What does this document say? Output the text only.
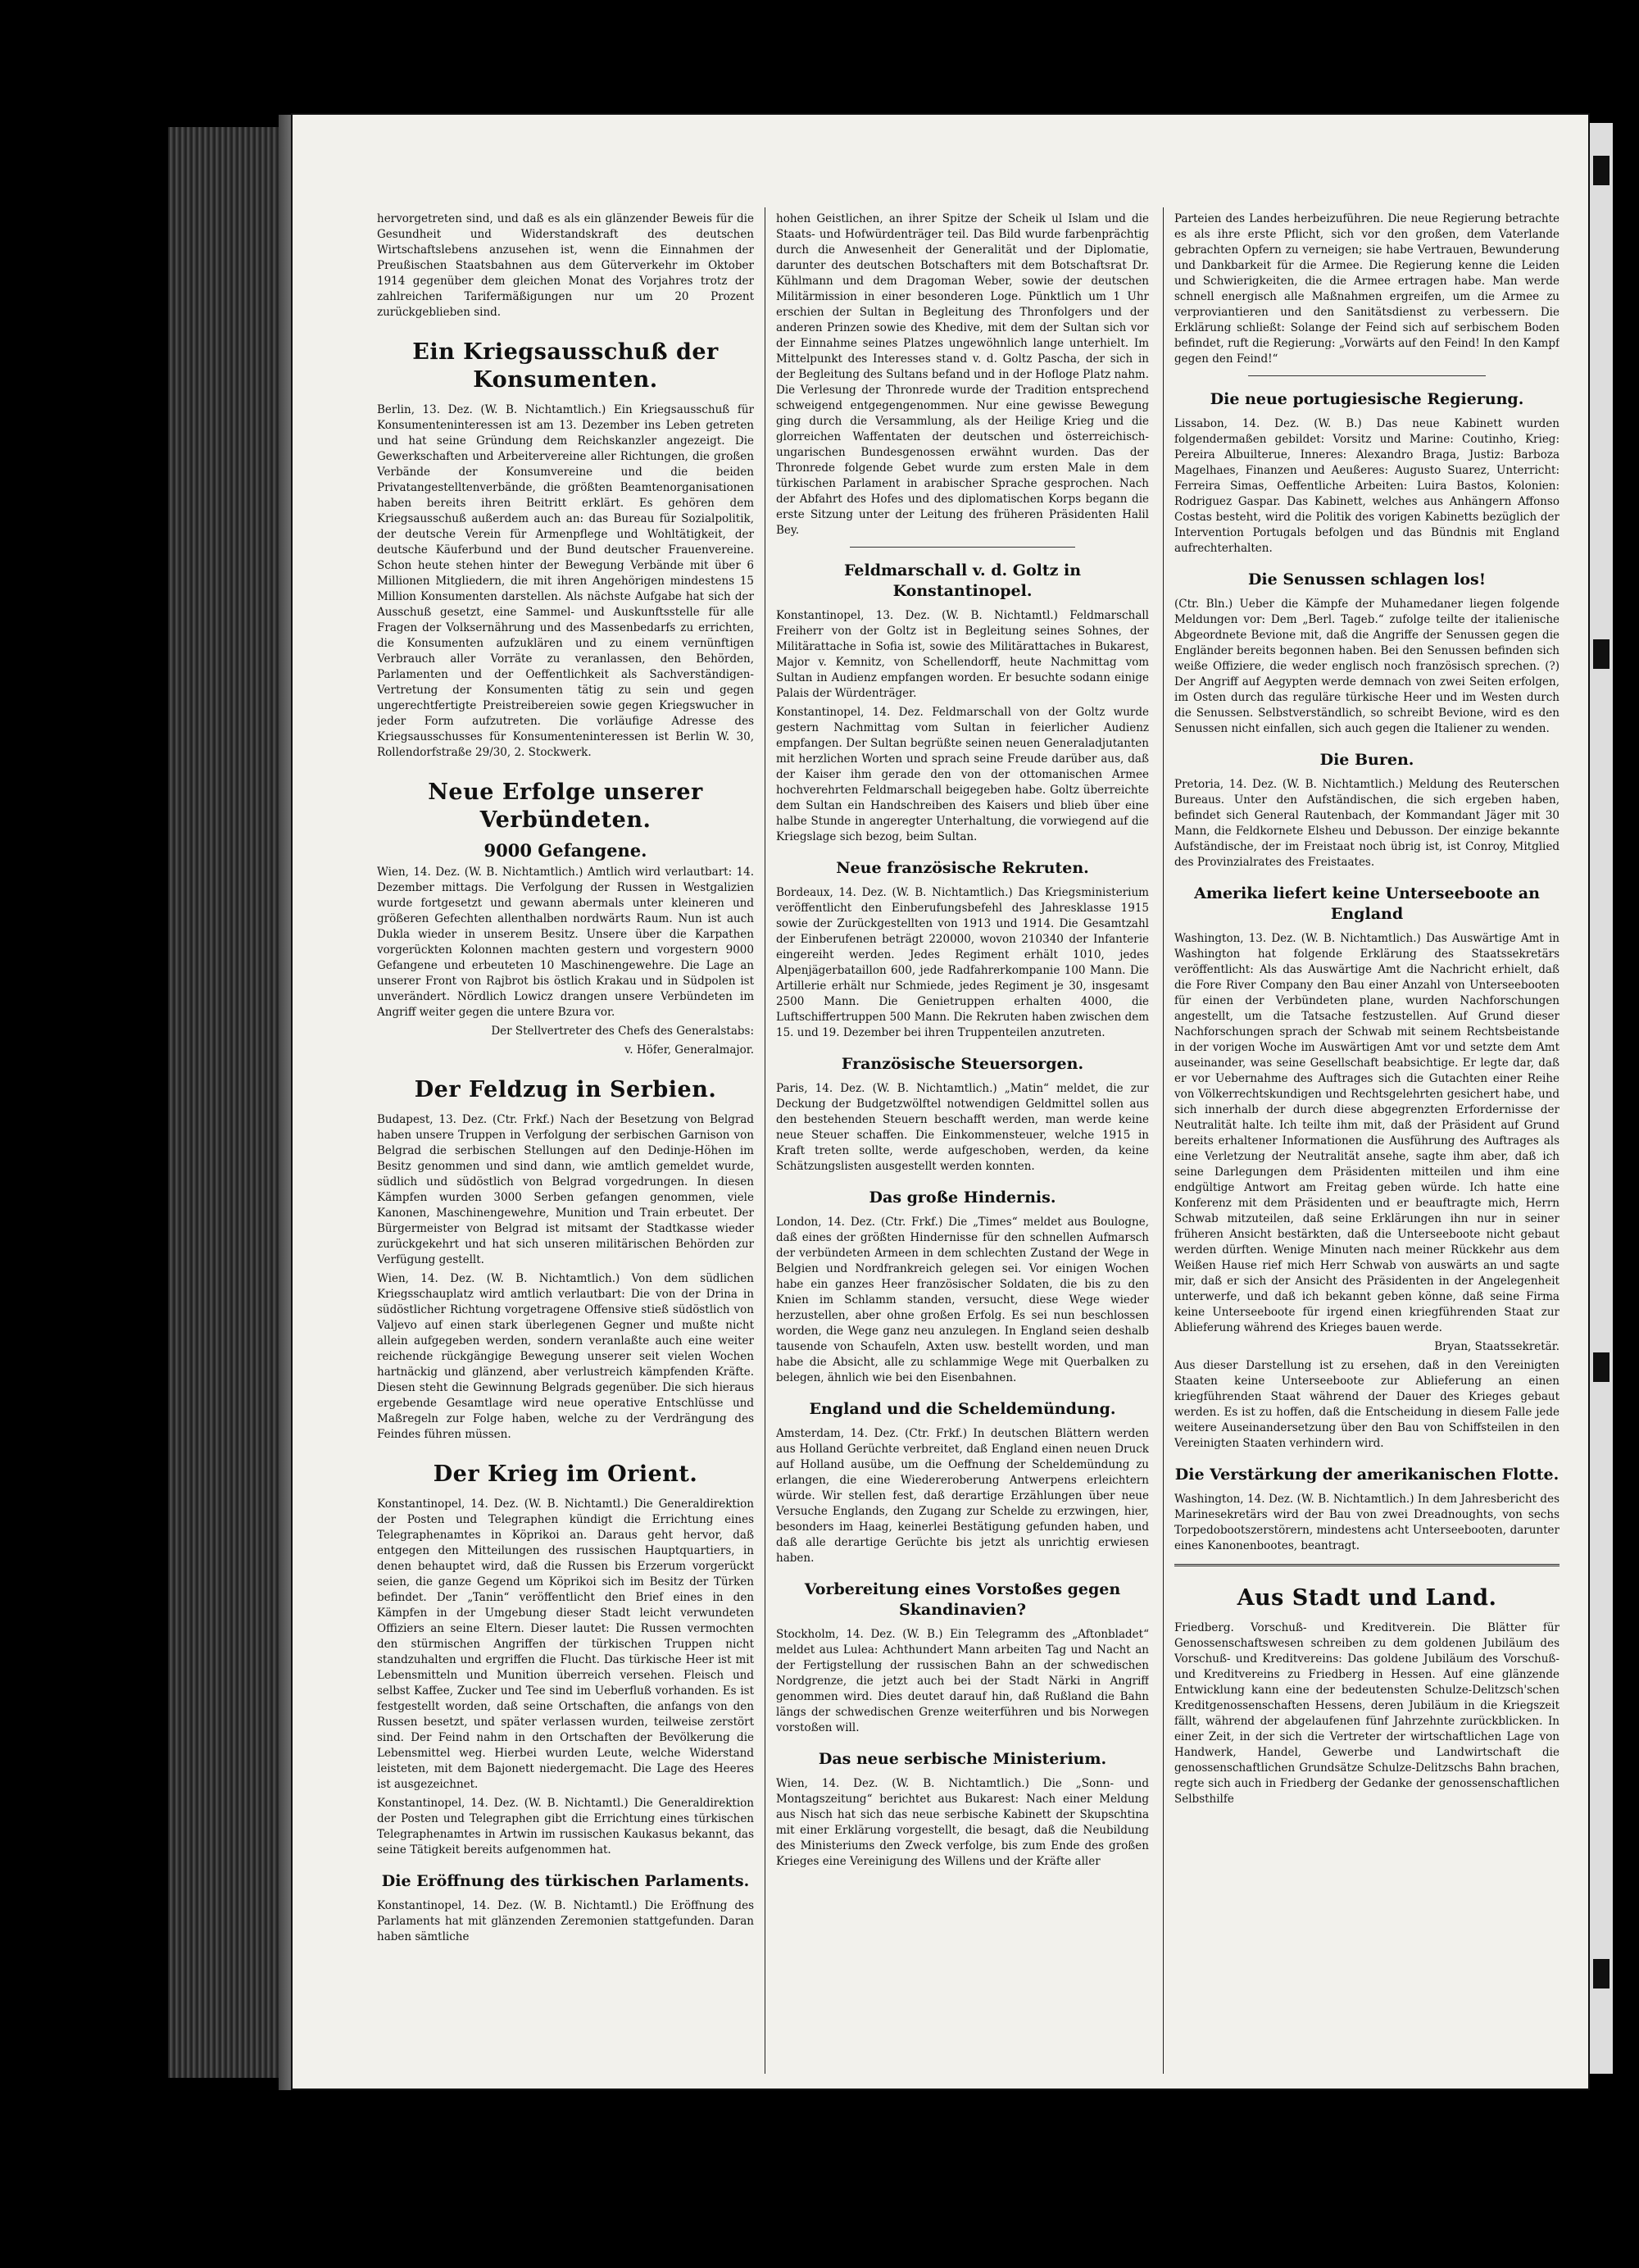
hervorgetreten sind, und daß es als ein glänzender Beweis für die Gesundheit und Widerstandskraft des deutschen Wirtschaftslebens anzusehen ist, wenn die Einnahmen der Preußischen Staatsbahnen aus dem Güterverkehr im Oktober 1914 gegenüber dem gleichen Monat des Vorjahres trotz der zahlreichen Tarifermäßigungen nur um 20 Prozent zurückgeblieben sind.

Ein Kriegsausschuß der Konsumenten.

Berlin, 13. Dez. (W. B. Nichtamtlich.) Ein Kriegsausschuß für Konsumenteninteressen ist am 13. Dezember ins Leben getreten und hat seine Gründung dem Reichskanzler angezeigt. Die Gewerkschaften und Arbeitervereine aller Richtungen, die großen Verbände der Konsumvereine und die beiden Privatangestelltenverbände, die größten Beamtenorganisationen haben bereits ihren Beitritt erklärt. Es gehören dem Kriegsausschuß außerdem auch an: das Bureau für Sozialpolitik, der deutsche Verein für Armenpflege und Wohltätigkeit, der deutsche Käuferbund und der Bund deutscher Frauenvereine. Schon heute stehen hinter der Bewegung Verbände mit über 6 Millionen Mitgliedern, die mit ihren Angehörigen mindestens 15 Million Konsumenten darstellen. Als nächste Aufgabe hat sich der Ausschuß gesetzt, eine Sammel- und Auskunftsstelle für alle Fragen der Volksernährung und des Massenbedarfs zu errichten, die Konsumenten aufzuklären und zu einem vernünftigen Verbrauch aller Vorräte zu veranlassen, den Behörden, Parlamenten und der Oeffentlichkeit als Sachverständigen-Vertretung der Konsumenten tätig zu sein und gegen ungerechtfertigte Preistreibereien sowie gegen Kriegswucher in jeder Form aufzutreten. Die vorläufige Adresse des Kriegsausschusses für Konsumenteninteressen ist Berlin W. 30, Rollendorfstraße 29/30, 2. Stockwerk.

Neue Erfolge unserer Verbündeten.
9000 Gefangene.

Wien, 14. Dez. (W. B. Nichtamtlich.) Amtlich wird verlautbart: 14. Dezember mittags. Die Verfolgung der Russen in Westgalizien wurde fortgesetzt und gewann abermals unter kleineren und größeren Gefechten allenthalben nordwärts Raum. Nun ist auch Dukla wieder in unserem Besitz. Unsere über die Karpathen vorgerückten Kolonnen machten gestern und vorgestern 9000 Gefangene und erbeuteten 10 Maschinengewehre. Die Lage an unserer Front von Rajbrot bis östlich Krakau und in Südpolen ist unverändert. Nördlich Lowicz drangen unsere Verbündeten im Angriff weiter gegen die untere Bzura vor.

Der Stellvertreter des Chefs des Generalstabs:

v. Höfer, Generalmajor.

Der Feldzug in Serbien.

Budapest, 13. Dez. (Ctr. Frkf.) Nach der Besetzung von Belgrad haben unsere Truppen in Verfolgung der serbischen Garnison von Belgrad die serbischen Stellungen auf den Dedinje-Höhen im Besitz genommen und sind dann, wie amtlich gemeldet wurde, südlich und südöstlich von Belgrad vorgedrungen. In diesen Kämpfen wurden 3000 Serben gefangen genommen, viele Kanonen, Maschinengewehre, Munition und Train erbeutet. Der Bürgermeister von Belgrad ist mitsamt der Stadtkasse wieder zurückgekehrt und hat sich unseren militärischen Behörden zur Verfügung gestellt.

Wien, 14. Dez. (W. B. Nichtamtlich.) Von dem südlichen Kriegsschauplatz wird amtlich verlautbart: Die von der Drina in südöstlicher Richtung vorgetragene Offensive stieß südöstlich von Valjevo auf einen stark überlegenen Gegner und mußte nicht allein aufgegeben werden, sondern veranlaßte auch eine weiter reichende rückgängige Bewegung unserer seit vielen Wochen hartnäckig und glänzend, aber verlustreich kämpfenden Kräfte. Diesen steht die Gewinnung Belgrads gegenüber. Die sich hieraus ergebende Gesamtlage wird neue operative Entschlüsse und Maßregeln zur Folge haben, welche zu der Verdrängung des Feindes führen müssen.

Der Krieg im Orient.

Konstantinopel, 14. Dez. (W. B. Nichtamtl.) Die Generaldirektion der Posten und Telegraphen kündigt die Errichtung eines Telegraphenamtes in Köprikoi an. Daraus geht hervor, daß entgegen den Mitteilungen des russischen Hauptquartiers, in denen behauptet wird, daß die Russen bis Erzerum vorgerückt seien, die ganze Gegend um Köprikoi sich im Besitz der Türken befindet. Der „Tanin“ veröffentlicht den Brief eines in den Kämpfen in der Umgebung dieser Stadt leicht verwundeten Offiziers an seine Eltern. Dieser lautet: Die Russen vermochten den stürmischen Angriffen der türkischen Truppen nicht standzuhalten und ergriffen die Flucht. Das türkische Heer ist mit Lebensmitteln und Munition überreich versehen. Fleisch und selbst Kaffee, Zucker und Tee sind im Ueberfluß vorhanden. Es ist festgestellt worden, daß seine Ortschaften, die anfangs von den Russen besetzt, und später verlassen wurden, teilweise zerstört sind. Der Feind nahm in den Ortschaften der Bevölkerung die Lebensmittel weg. Hierbei wurden Leute, welche Widerstand leisteten, mit dem Bajonett niedergemacht. Die Lage des Heeres ist ausgezeichnet.

Konstantinopel, 14. Dez. (W. B. Nichtamtl.) Die Generaldirektion der Posten und Telegraphen gibt die Errichtung eines türkischen Telegraphenamtes in Artwin im russischen Kaukasus bekannt, das seine Tätigkeit bereits aufgenommen hat.

Die Eröffnung des türkischen Parlaments.

Konstantinopel, 14. Dez. (W. B. Nichtamtl.) Die Eröffnung des Parlaments hat mit glänzenden Zeremonien stattgefunden. Daran haben sämtliche

hohen Geistlichen, an ihrer Spitze der Scheik ul Islam und die Staats- und Hofwürdenträger teil. Das Bild wurde farbenprächtig durch die Anwesenheit der Generalität und der Diplomatie, darunter des deutschen Botschafters mit dem Botschaftsrat Dr. Kühlmann und dem Dragoman Weber, sowie der deutschen Militärmission in einer besonderen Loge. Pünktlich um 1 Uhr erschien der Sultan in Begleitung des Thronfolgers und der anderen Prinzen sowie des Khedive, mit dem der Sultan sich vor der Einnahme seines Platzes ungewöhnlich lange unterhielt. Im Mittelpunkt des Interesses stand v. d. Goltz Pascha, der sich in der Begleitung des Sultans befand und in der Hofloge Platz nahm. Die Verlesung der Thronrede wurde der Tradition entsprechend schweigend entgegengenommen. Nur eine gewisse Bewegung ging durch die Versammlung, als der Heilige Krieg und die glorreichen Waffentaten der deutschen und österreichisch-ungarischen Bundesgenossen erwähnt wurden. Das der Thronrede folgende Gebet wurde zum ersten Male in dem türkischen Parlament in arabischer Sprache gesprochen. Nach der Abfahrt des Hofes und des diplomatischen Korps begann die erste Sitzung unter der Leitung des früheren Präsidenten Halil Bey.

Feldmarschall v. d. Goltz in Konstantinopel.

Konstantinopel, 13. Dez. (W. B. Nichtamtl.) Feldmarschall Freiherr von der Goltz ist in Begleitung seines Sohnes, der Militärattache in Sofia ist, sowie des Militärattaches in Bukarest, Major v. Kemnitz, von Schellendorff, heute Nachmittag vom Sultan in Audienz empfangen worden. Er besuchte sodann einige Palais der Würdenträger.

Konstantinopel, 14. Dez. Feldmarschall von der Goltz wurde gestern Nachmittag vom Sultan in feierlicher Audienz empfangen. Der Sultan begrüßte seinen neuen Generaladjutanten mit herzlichen Worten und sprach seine Freude darüber aus, daß der Kaiser ihm gerade den von der ottomanischen Armee hochverehrten Feldmarschall beigegeben habe. Goltz überreichte dem Sultan ein Handschreiben des Kaisers und blieb über eine halbe Stunde in angeregter Unterhaltung, die vorwiegend auf die Kriegslage sich bezog, beim Sultan.

Neue französische Rekruten.

Bordeaux, 14. Dez. (W. B. Nichtamtlich.) Das Kriegsministerium veröffentlicht den Einberufungsbefehl des Jahresklasse 1915 sowie der Zurückgestellten von 1913 und 1914. Die Gesamtzahl der Einberufenen beträgt 220000, wovon 210340 der Infanterie eingereiht werden. Jedes Regiment erhält 1010, jedes Alpenjägerbataillon 600, jede Radfahrerkompanie 100 Mann. Die Artillerie erhält nur Schmiede, jedes Regiment je 30, insgesamt 2500 Mann. Die Genietruppen erhalten 4000, die Luftschiffertruppen 500 Mann. Die Rekruten haben zwischen dem 15. und 19. Dezember bei ihren Truppenteilen anzutreten.

Französische Steuersorgen.

Paris, 14. Dez. (W. B. Nichtamtlich.) „Matin“ meldet, die zur Deckung der Budgetzwölftel notwendigen Geldmittel sollen aus den bestehenden Steuern beschafft werden, man werde keine neue Steuer schaffen. Die Einkommensteuer, welche 1915 in Kraft treten sollte, werde aufgeschoben, werden, da keine Schätzungslisten ausgestellt werden konnten.

Das große Hindernis.

London, 14. Dez. (Ctr. Frkf.) Die „Times“ meldet aus Boulogne, daß eines der größten Hindernisse für den schnellen Aufmarsch der verbündeten Armeen in dem schlechten Zustand der Wege in Belgien und Nordfrankreich gelegen sei. Vor einigen Wochen habe ein ganzes Heer französischer Soldaten, die bis zu den Knien im Schlamm standen, versucht, diese Wege wieder herzustellen, aber ohne großen Erfolg. Es sei nun beschlossen worden, die Wege ganz neu anzulegen. In England seien deshalb tausende von Schaufeln, Axten usw. bestellt worden, und man habe die Absicht, alle zu schlammige Wege mit Querbalken zu belegen, ähnlich wie bei den Eisenbahnen.

England und die Scheldemündung.

Amsterdam, 14. Dez. (Ctr. Frkf.) In deutschen Blättern werden aus Holland Gerüchte verbreitet, daß England einen neuen Druck auf Holland ausübe, um die Oeffnung der Scheldemündung zu erlangen, die eine Wiedereroberung Antwerpens erleichtern würde. Wir stellen fest, daß derartige Erzählungen über neue Versuche Englands, den Zugang zur Schelde zu erzwingen, hier, besonders im Haag, keinerlei Bestätigung gefunden haben, und daß alle derartige Gerüchte bis jetzt als unrichtig erwiesen haben.

Vorbereitung eines Vorstoßes gegen Skandinavien?

Stockholm, 14. Dez. (W. B.) Ein Telegramm des „Aftonbladet“ meldet aus Lulea: Achthundert Mann arbeiten Tag und Nacht an der Fertigstellung der russischen Bahn an der schwedischen Nordgrenze, die jetzt auch bei der Stadt Närki in Angriff genommen wird. Dies deutet darauf hin, daß Rußland die Bahn längs der schwedischen Grenze weiterführen und bis Norwegen vorstoßen will.

Das neue serbische Ministerium.

Wien, 14. Dez. (W. B. Nichtamtlich.) Die „Sonn- und Montagszeitung“ berichtet aus Bukarest: Nach einer Meldung aus Nisch hat sich das neue serbische Kabinett der Skupschtina mit einer Erklärung vorgestellt, die besagt, daß die Neubildung des Ministeriums den Zweck verfolge, bis zum Ende des großen Krieges eine Vereinigung des Willens und der Kräfte aller

Parteien des Landes herbeizuführen. Die neue Regierung betrachte es als ihre erste Pflicht, sich vor den großen, dem Vaterlande gebrachten Opfern zu verneigen; sie habe Vertrauen, Bewunderung und Dankbarkeit für die Armee. Die Regierung kenne die Leiden und Schwierigkeiten, die die Armee ertragen habe. Man werde schnell energisch alle Maßnahmen ergreifen, um die Armee zu verproviantieren und den Sanitätsdienst zu verbessern. Die Erklärung schließt: Solange der Feind sich auf serbischem Boden befindet, ruft die Regierung: „Vorwärts auf den Feind! In den Kampf gegen den Feind!“

Die neue portugiesische Regierung.

Lissabon, 14. Dez. (W. B.) Das neue Kabinett wurden folgendermaßen gebildet: Vorsitz und Marine: Coutinho, Krieg: Pereira Albuilterue, Inneres: Alexandro Braga, Justiz: Barboza Magelhaes, Finanzen und Aeußeres: Augusto Suarez, Unterricht: Ferreira Simas, Oeffentliche Arbeiten: Luira Bastos, Kolonien: Rodriguez Gaspar. Das Kabinett, welches aus Anhängern Affonso Costas besteht, wird die Politik des vorigen Kabinetts bezüglich der Intervention Portugals befolgen und das Bündnis mit England aufrechterhalten.

Die Senussen schlagen los!

(Ctr. Bln.) Ueber die Kämpfe der Muhamedaner liegen folgende Meldungen vor: Dem „Berl. Tageb.“ zufolge teilte der italienische Abgeordnete Bevione mit, daß die Angriffe der Senussen gegen die Engländer bereits begonnen haben. Bei den Senussen befinden sich weiße Offiziere, die weder englisch noch französisch sprechen. (?) Der Angriff auf Aegypten werde demnach von zwei Seiten erfolgen, im Osten durch das reguläre türkische Heer und im Westen durch die Senussen. Selbstverständlich, so schreibt Bevione, wird es den Senussen nicht einfallen, sich auch gegen die Italiener zu wenden.

Die Buren.

Pretoria, 14. Dez. (W. B. Nichtamtlich.) Meldung des Reuterschen Bureaus. Unter den Aufständischen, die sich ergeben haben, befindet sich General Rautenbach, der Kommandant Jäger mit 30 Mann, die Feldkornete Elsheu und Debusson. Der einzige bekannte Aufständische, der im Freistaat noch übrig ist, ist Conroy, Mitglied des Provinzialrates des Freistaates.

Amerika liefert keine Unterseeboote an England

Washington, 13. Dez. (W. B. Nichtamtlich.) Das Auswärtige Amt in Washington hat folgende Erklärung des Staatssekretärs veröffentlicht: Als das Auswärtige Amt die Nachricht erhielt, daß die Fore River Company den Bau einer Anzahl von Unterseebooten für einen der Verbündeten plane, wurden Nachforschungen angestellt, um die Tatsache festzustellen. Auf Grund dieser Nachforschungen sprach der Schwab mit seinem Rechtsbeistande in der vorigen Woche im Auswärtigen Amt vor und setzte dem Amt auseinander, was seine Gesellschaft beabsichtige. Er legte dar, daß er vor Uebernahme des Auftrages sich die Gutachten einer Reihe von Völkerrechtskundigen und Rechtsgelehrten gesichert habe, und sich innerhalb der durch diese abgegrenzten Erfordernisse der Neutralität halte. Ich teilte ihm mit, daß der Präsident auf Grund bereits erhaltener Informationen die Ausführung des Auftrages als eine Verletzung der Neutralität ansehe, sagte ihm aber, daß ich seine Darlegungen dem Präsidenten mitteilen und ihm eine endgültige Antwort am Freitag geben würde. Ich hatte eine Konferenz mit dem Präsidenten und er beauftragte mich, Herrn Schwab mitzuteilen, daß seine Erklärungen ihn nur in seiner früheren Ansicht bestärkten, daß die Unterseeboote nicht gebaut werden dürften. Wenige Minuten nach meiner Rückkehr aus dem Weißen Hause rief mich Herr Schwab von auswärts an und sagte mir, daß er sich der Ansicht des Präsidenten in der Angelegenheit unterwerfe, und daß ich bekannt geben könne, daß seine Firma keine Unterseeboote für irgend einen kriegführenden Staat zur Ablieferung während des Krieges bauen werde.

Bryan, Staatssekretär.

Aus dieser Darstellung ist zu ersehen, daß in den Vereinigten Staaten keine Unterseeboote zur Ablieferung an einen kriegführenden Staat während der Dauer des Krieges gebaut werden. Es ist zu hoffen, daß die Entscheidung in diesem Falle jede weitere Auseinandersetzung über den Bau von Schiffsteilen in den Vereinigten Staaten verhindern wird.

Die Verstärkung der amerikanischen Flotte.

Washington, 14. Dez. (W. B. Nichtamtlich.) In dem Jahresbericht des Marinesekretärs wird der Bau von zwei Dreadnoughts, von sechs Torpedobootszerstörern, mindestens acht Unterseebooten, darunter eines Kanonenbootes, beantragt.

Aus Stadt und Land.

Friedberg. Vorschuß- und Kreditverein. Die Blätter für Genossenschaftswesen schreiben zu dem goldenen Jubiläum des Vorschuß- und Kreditvereins: Das goldene Jubiläum des Vorschuß- und Kreditvereins zu Friedberg in Hessen. Auf eine glänzende Entwicklung kann eine der bedeutensten Schulze-Delitzsch'schen Kreditgenossenschaften Hessens, deren Jubiläum in die Kriegszeit fällt, während der abgelaufenen fünf Jahrzehnte zurückblicken. In einer Zeit, in der sich die Vertreter der wirtschaftlichen Lage von Handwerk, Handel, Gewerbe und Landwirtschaft die genossenschaftlichen Grundsätze Schulze-Delitzschs Bahn brachen, regte sich auch in Friedberg der Gedanke der genossenschaftlichen Selbsthilfe
